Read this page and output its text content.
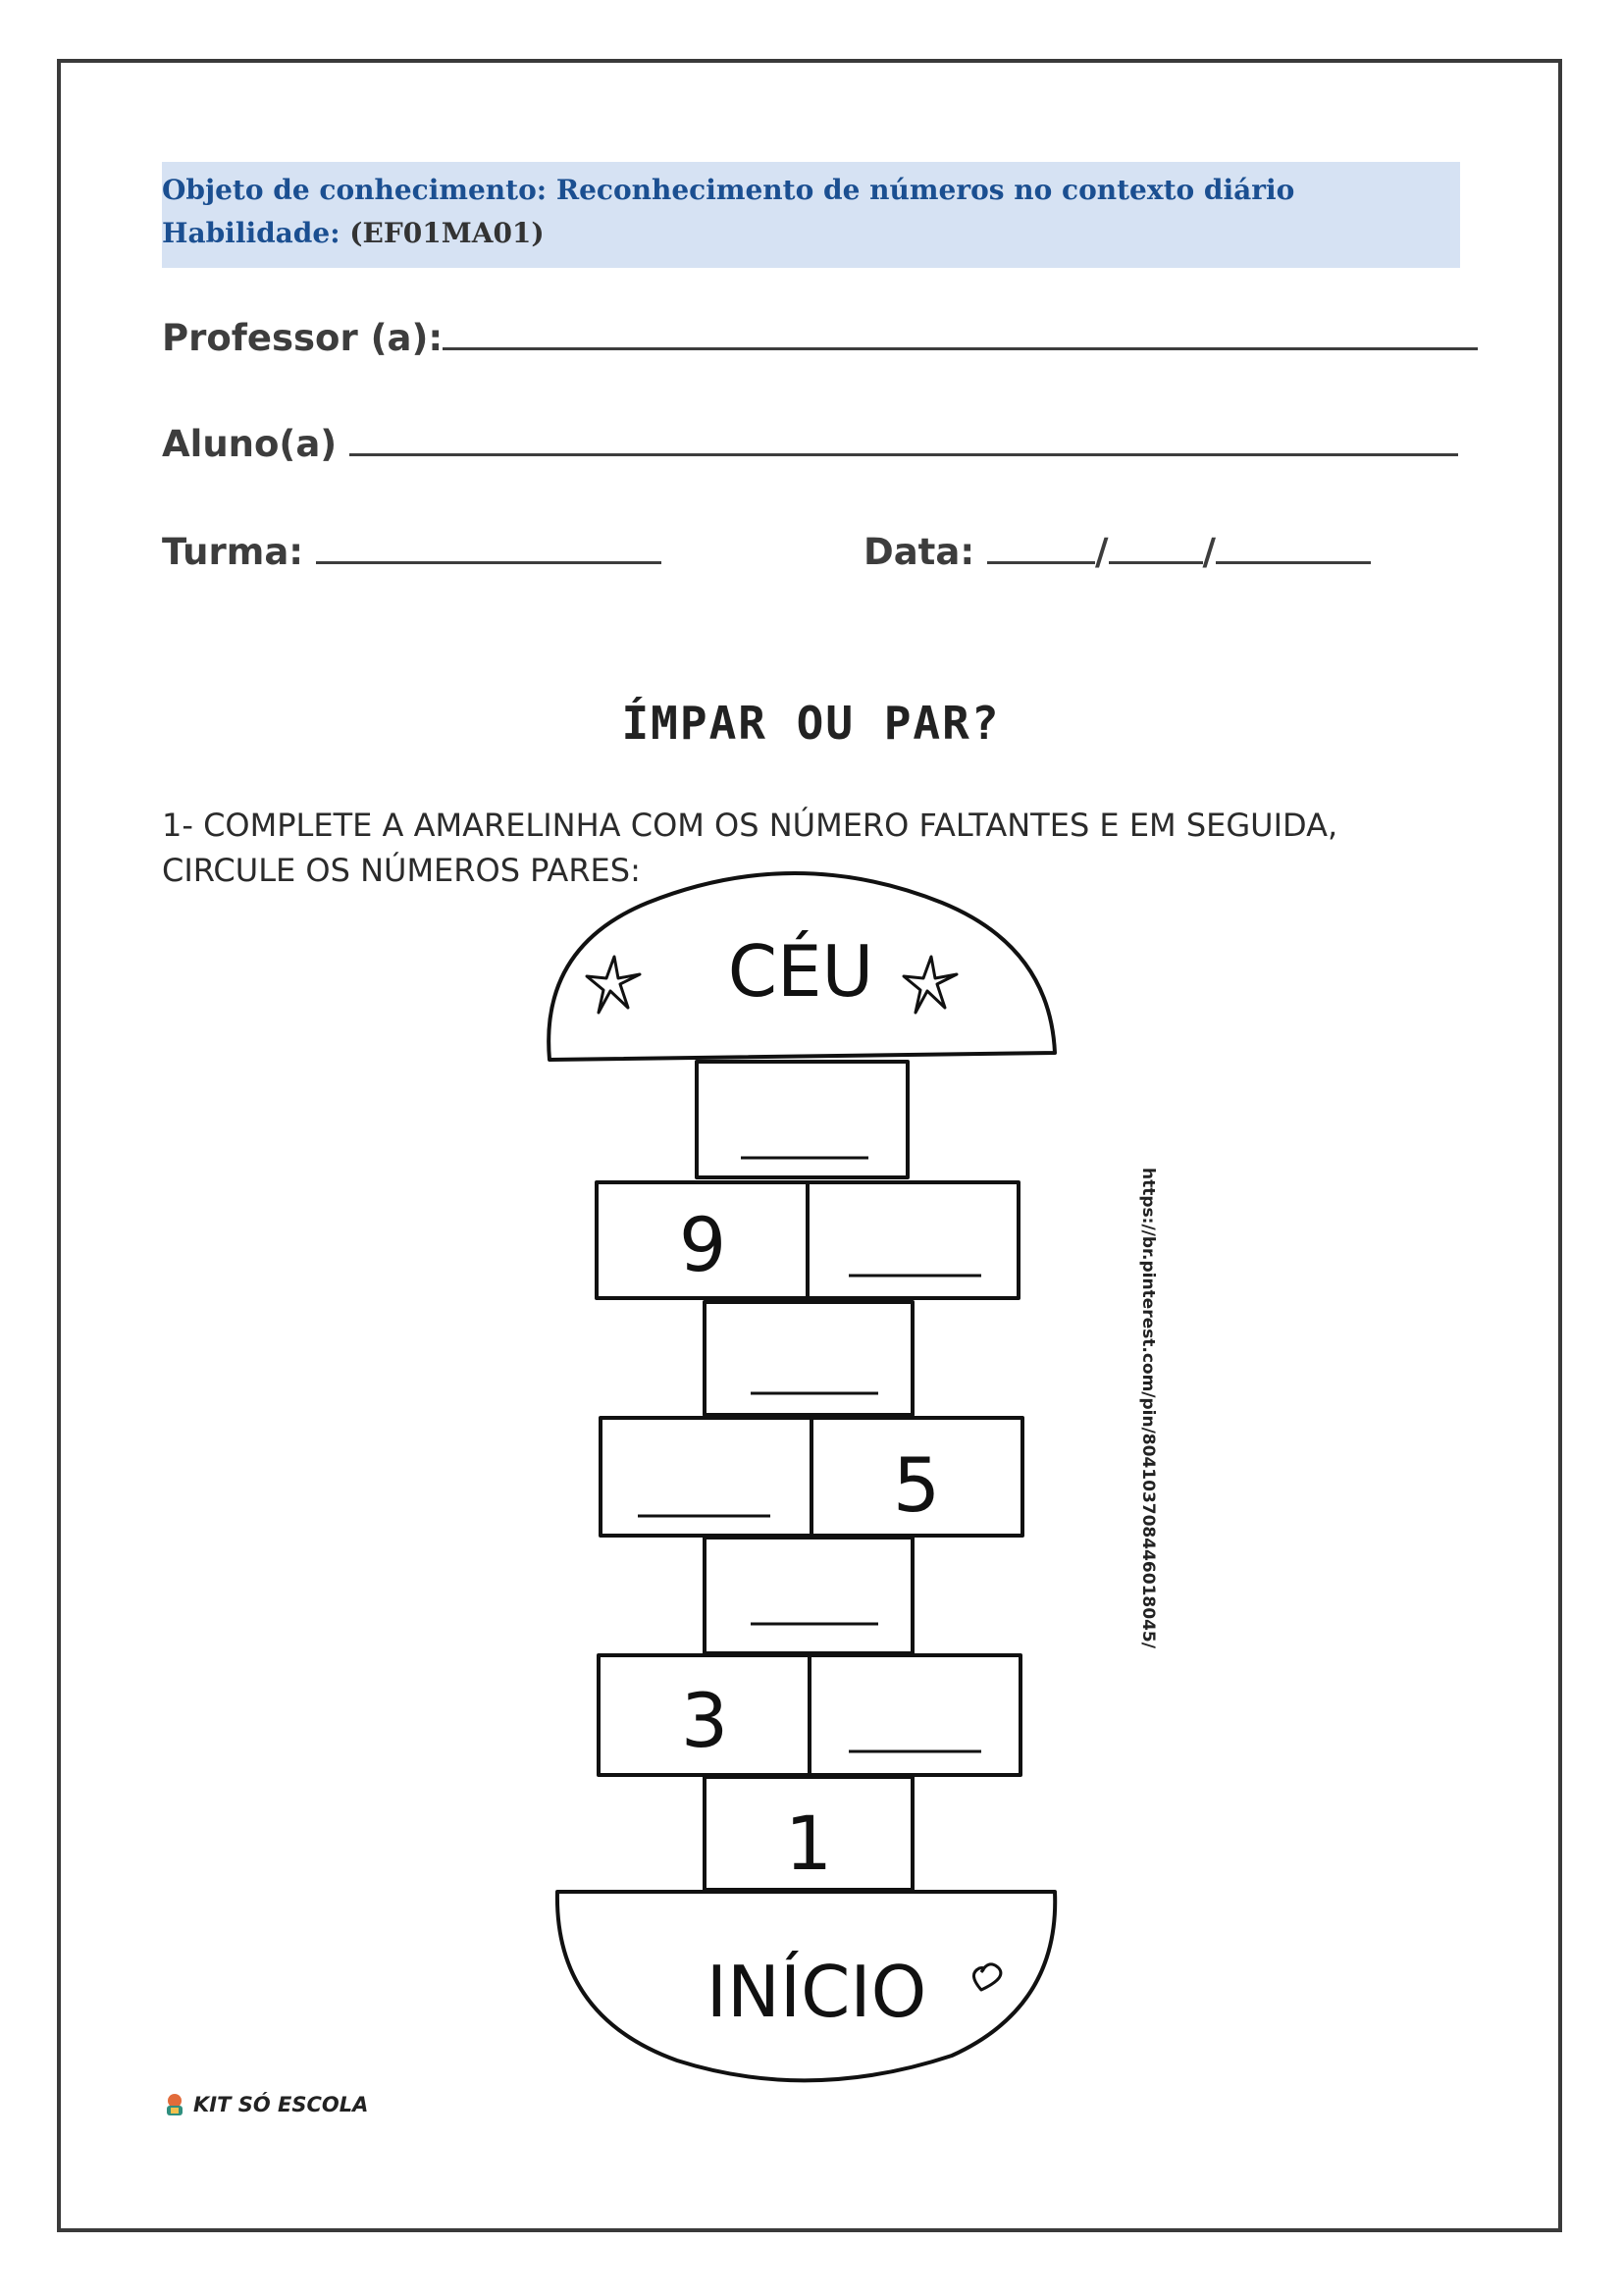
Objeto de conhecimento: Reconhecimento de números no contexto diário
Habilidade: (EF01MA01)
Professor (a):
Aluno(a)
Turma:	Data:	/	/
ÍMPAR OU PAR?
1- COMPLETE A AMARELINHA COM OS NÚMERO FALTANTES E EM SEGUIDA, CIRCULE OS NÚMEROS PARES:
CÉU
9
5
3
1
INÍCIO
https://br.pinterest.com/pin/804103708446018045/
KIT SÓ ESCOLA
